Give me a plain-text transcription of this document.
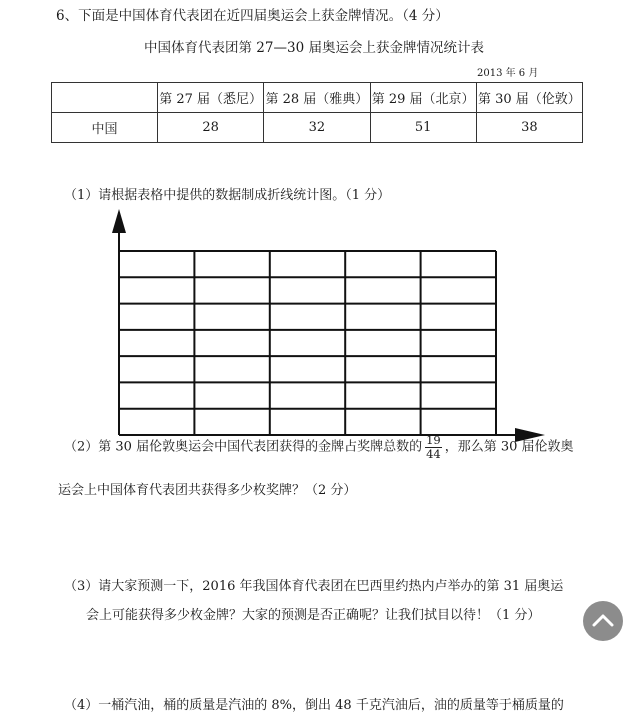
6、下面是中国体育代表团在近四届奥运会上获金牌情况。（4 分）
中国体育代表团第 27—30 届奥运会上获金牌情况统计表
2013 年 6 月
	第 27 届（悉尼）	第 28 届（雅典）	第 29 届（北京）	第 30 届（伦敦）
中国	28	32	51	38
（1）请根据表格中提供的数据制成折线统计图。（1 分）
（2）第 30 届伦敦奥运会中国代表团获得的金牌占奖牌总数的 $\frac{19}{44}$ ，那么第 30 届伦敦奥
运会上中国体育代表团共获得多少枚奖牌？（2 分）
（3）请大家预测一下，2016 年我国体育代表团在巴西里约热内卢举办的第 31 届奥运
会上可能获得多少枚金牌？大家的预测是否正确呢？让我们拭目以待！（1 分）
（4）一桶汽油，桶的质量是汽油的 8%，倒出 48 千克汽油后，油的质量等于桶质量的
